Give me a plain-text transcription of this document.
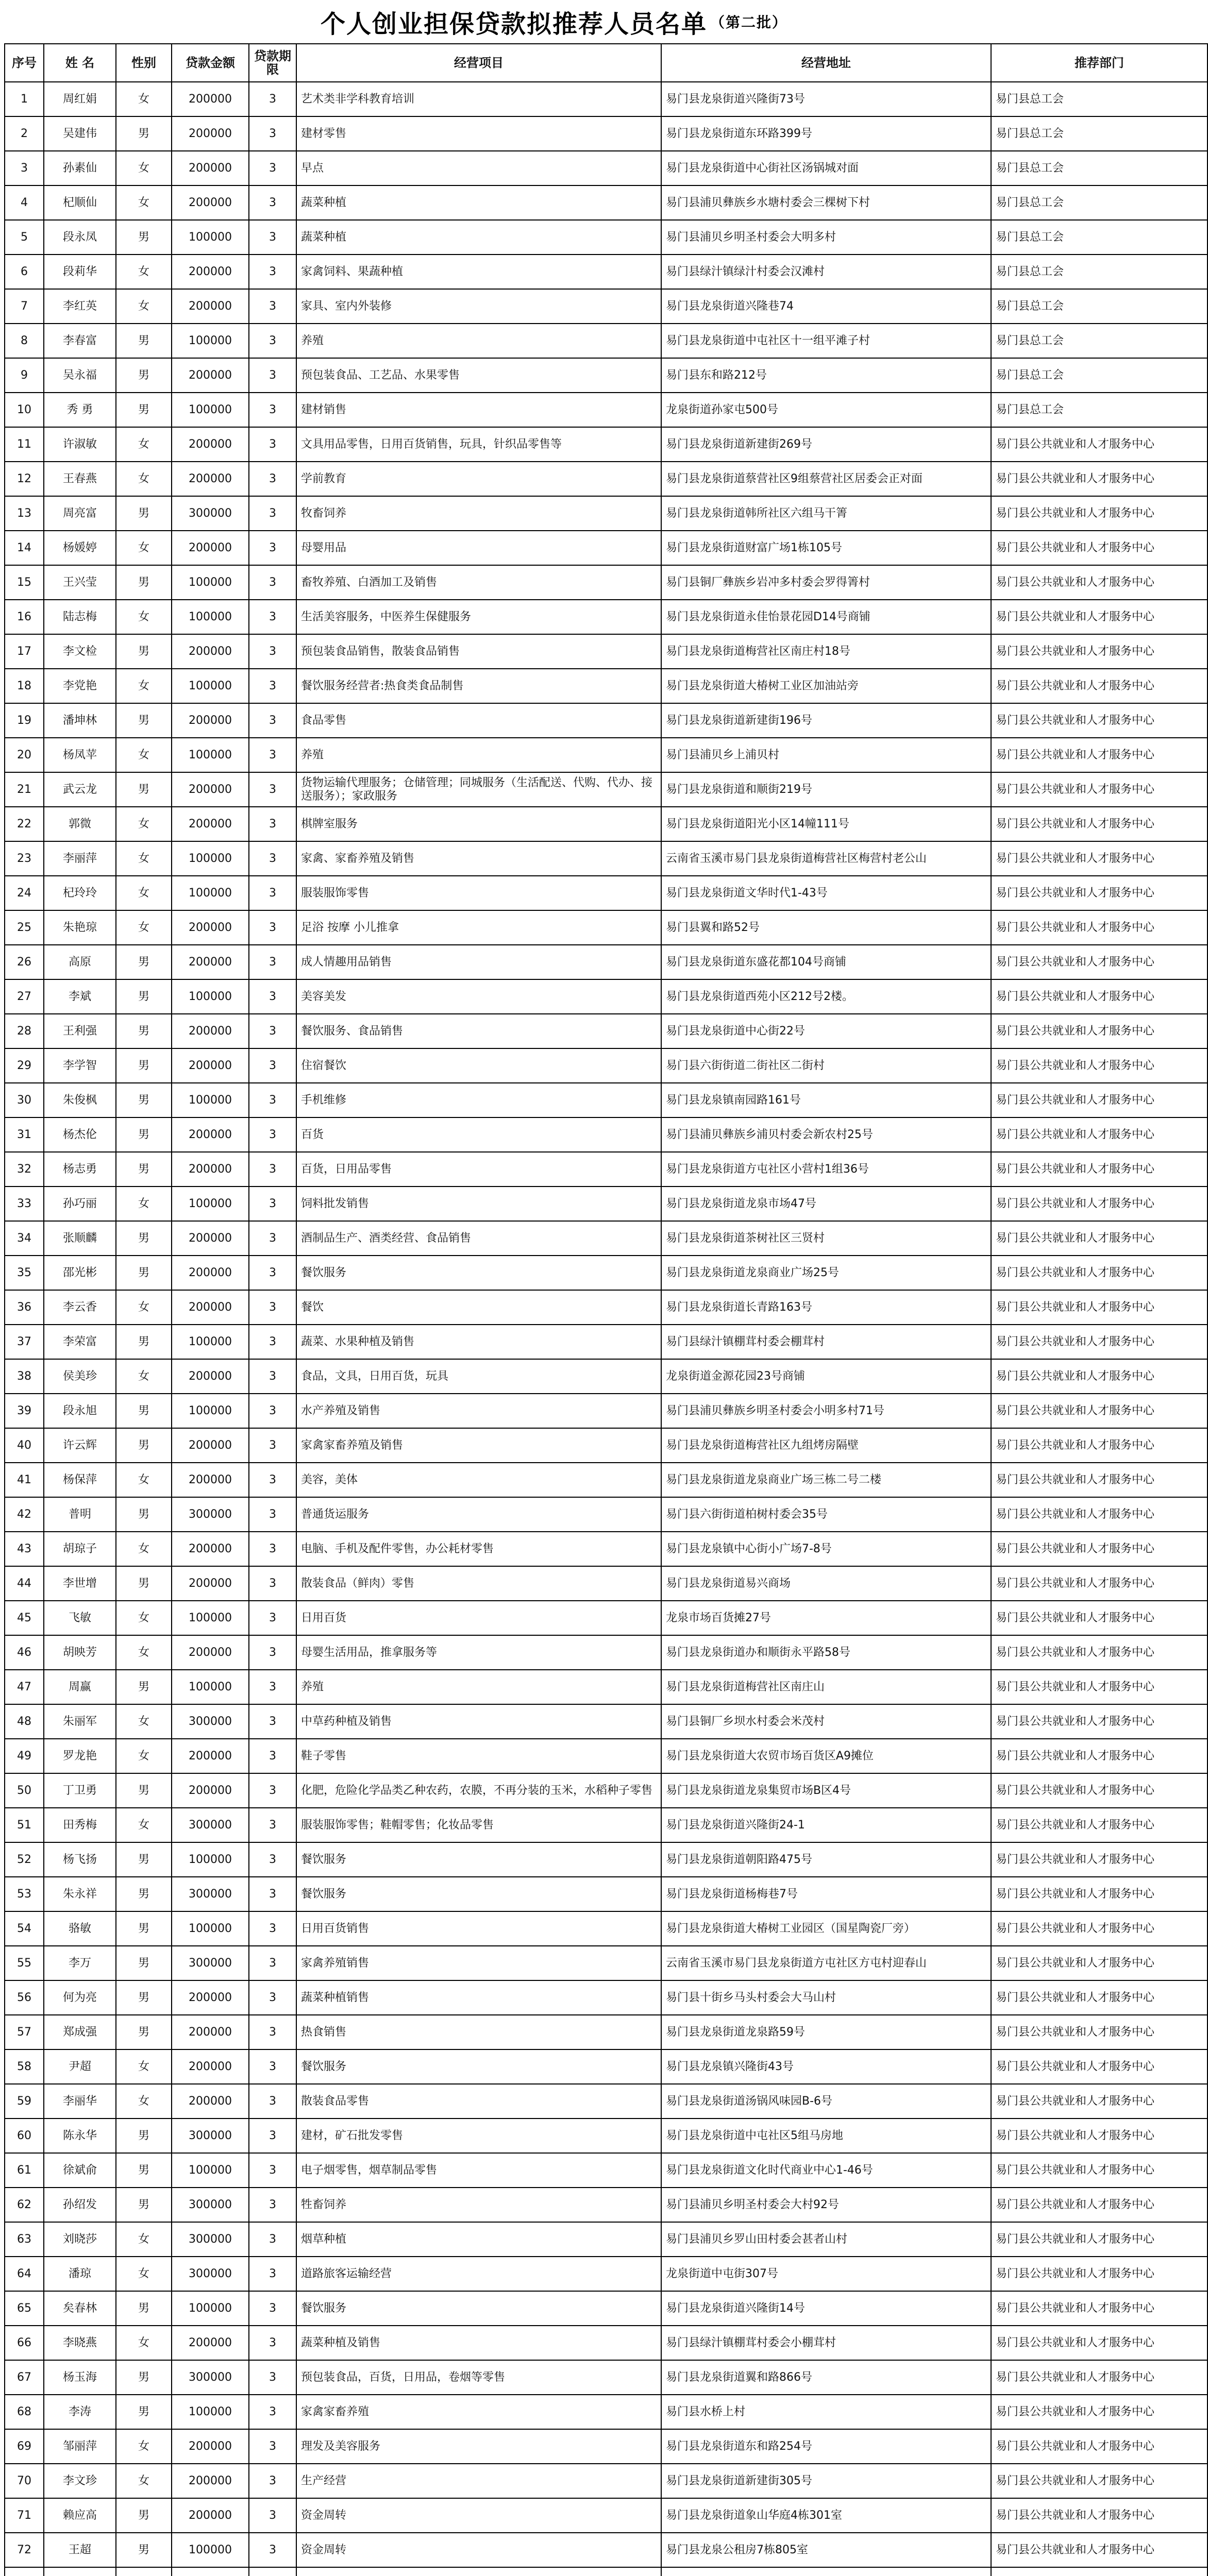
个人创业担保贷款拟推荐人员名单 （第二批）
序号	姓 名	性别	贷款金额	贷款期限	经营项目	经营地址	推荐部门
1	周红娟	女	200000	3	艺术类非学科教育培训	易门县龙泉街道兴隆街73号	易门县总工会
2	吴建伟	男	200000	3	建材零售	易门县龙泉街道东环路399号	易门县总工会
3	孙素仙	女	200000	3	早点	易门县龙泉街道中心街社区汤锅城对面	易门县总工会
4	杞顺仙	女	200000	3	蔬菜种植	易门县浦贝彝族乡水塘村委会三棵树下村	易门县总工会
5	段永凤	男	100000	3	蔬菜种植	易门县浦贝乡明圣村委会大明多村	易门县总工会
6	段莉华	女	200000	3	家禽饲料、果蔬种植	易门县绿汁镇绿汁村委会汉滩村	易门县总工会
7	李红英	女	200000	3	家具、室内外装修	易门县龙泉街道兴隆巷74	易门县总工会
8	李春富	男	100000	3	养殖	易门县龙泉街道中屯社区十一组平滩子村	易门县总工会
9	吴永福	男	200000	3	预包装食品、工艺品、水果零售	易门县东和路212号	易门县总工会
10	秀 勇	男	100000	3	建材销售	龙泉街道孙家屯500号	易门县总工会
11	许淑敏	女	200000	3	文具用品零售，日用百货销售，玩具，针织品零售等	易门县龙泉街道新建街269号	易门县公共就业和人才服务中心
12	王春燕	女	200000	3	学前教育	易门县龙泉街道蔡营社区9组蔡营社区居委会正对面	易门县公共就业和人才服务中心
13	周亮富	男	300000	3	牧畜饲养	易门县龙泉街道韩所社区六组马干箐	易门县公共就业和人才服务中心
14	杨媛婷	女	200000	3	母婴用品	易门县龙泉街道财富广场1栋105号	易门县公共就业和人才服务中心
15	王兴莹	男	100000	3	畜牧养殖、白酒加工及销售	易门县铜厂彝族乡岩冲多村委会罗得箐村	易门县公共就业和人才服务中心
16	陆志梅	女	100000	3	生活美容服务，中医养生保健服务	易门县龙泉街道永佳怡景花园D14号商铺	易门县公共就业和人才服务中心
17	李文检	男	200000	3	预包装食品销售，散装食品销售	易门县龙泉街道梅营社区南庄村18号	易门县公共就业和人才服务中心
18	李党艳	女	100000	3	餐饮服务经营者:热食类食品制售	易门县龙泉街道大椿树工业区加油站旁	易门县公共就业和人才服务中心
19	潘坤林	男	200000	3	食品零售	易门县龙泉街道新建街196号	易门县公共就业和人才服务中心
20	杨凤苹	女	100000	3	养殖	易门县浦贝乡上浦贝村	易门县公共就业和人才服务中心
21	武云龙	男	200000	3	货物运输代理服务；仓储管理；同城服务（生活配送、代购、代办、接送服务）；家政服务	易门县龙泉街道和顺街219号	易门县公共就业和人才服务中心
22	郭微	女	200000	3	棋牌室服务	易门县龙泉街道阳光小区14幢111号	易门县公共就业和人才服务中心
23	李丽萍	女	100000	3	家禽、家畜养殖及销售	云南省玉溪市易门县龙泉街道梅营社区梅营村老公山	易门县公共就业和人才服务中心
24	杞玲玲	女	100000	3	服装服饰零售	易门县龙泉街道文华时代1-43号	易门县公共就业和人才服务中心
25	朱艳琼	女	200000	3	足浴 按摩 小儿推拿	易门县翼和路52号	易门县公共就业和人才服务中心
26	高原	男	200000	3	成人情趣用品销售	易门县龙泉街道东盛花都104号商铺	易门县公共就业和人才服务中心
27	李斌	男	100000	3	美容美发	易门县龙泉街道西苑小区212号2楼。	易门县公共就业和人才服务中心
28	王利强	男	200000	3	餐饮服务、食品销售	易门县龙泉街道中心街22号	易门县公共就业和人才服务中心
29	李学智	男	200000	3	住宿餐饮	易门县六街街道二街社区二街村	易门县公共就业和人才服务中心
30	朱俊枫	男	100000	3	手机维修	易门县龙泉镇南园路161号	易门县公共就业和人才服务中心
31	杨杰伦	男	200000	3	百货	易门县浦贝彝族乡浦贝村委会新农村25号	易门县公共就业和人才服务中心
32	杨志勇	男	200000	3	百货，日用品零售	易门县龙泉街道方屯社区小营村1组36号	易门县公共就业和人才服务中心
33	孙巧丽	女	100000	3	饲料批发销售	易门县龙泉街道龙泉市场47号	易门县公共就业和人才服务中心
34	张顺麟	男	200000	3	酒制品生产、酒类经营、食品销售	易门县龙泉街道茶树社区三贤村	易门县公共就业和人才服务中心
35	邵光彬	男	200000	3	餐饮服务	易门县龙泉街道龙泉商业广场25号	易门县公共就业和人才服务中心
36	李云香	女	200000	3	餐饮	易门县龙泉街道长青路163号	易门县公共就业和人才服务中心
37	李荣富	男	100000	3	蔬菜、水果种植及销售	易门县绿汁镇棚茸村委会棚茸村	易门县公共就业和人才服务中心
38	侯美珍	女	200000	3	食品，文具，日用百货，玩具	龙泉街道金源花园23号商铺	易门县公共就业和人才服务中心
39	段永旭	男	100000	3	水产养殖及销售	易门县浦贝彝族乡明圣村委会小明多村71号	易门县公共就业和人才服务中心
40	许云辉	男	200000	3	家禽家畜养殖及销售	易门县龙泉街道梅营社区九组烤房隔壁	易门县公共就业和人才服务中心
41	杨保萍	女	200000	3	美容，美体	易门县龙泉街道龙泉商业广场三栋二号二楼	易门县公共就业和人才服务中心
42	普明	男	300000	3	普通货运服务	易门县六街街道柏树村委会35号	易门县公共就业和人才服务中心
43	胡琼子	女	200000	3	电脑、手机及配件零售，办公耗材零售	易门县龙泉镇中心街小广场7-8号	易门县公共就业和人才服务中心
44	李世增	男	200000	3	散装食品（鲜肉）零售	易门县龙泉街道易兴商场	易门县公共就业和人才服务中心
45	飞敏	女	100000	3	日用百货	龙泉市场百货摊27号	易门县公共就业和人才服务中心
46	胡映芳	女	200000	3	母婴生活用品，推拿服务等	易门县龙泉街道办和顺街永平路58号	易门县公共就业和人才服务中心
47	周赢	男	100000	3	养殖	易门县龙泉街道梅营社区南庄山	易门县公共就业和人才服务中心
48	朱丽军	女	300000	3	中草药种植及销售	易门县铜厂乡坝水村委会米茂村	易门县公共就业和人才服务中心
49	罗龙艳	女	200000	3	鞋子零售	易门县龙泉街道大农贸市场百货区A9摊位	易门县公共就业和人才服务中心
50	丁卫勇	男	200000	3	化肥，危险化学品类乙种农药，农膜，不再分装的玉米，水稻种子零售	易门县龙泉街道龙泉集贸市场B区4号	易门县公共就业和人才服务中心
51	田秀梅	女	300000	3	服装服饰零售；鞋帽零售；化妆品零售	易门县龙泉街道兴隆街24-1	易门县公共就业和人才服务中心
52	杨飞扬	男	100000	3	餐饮服务	易门县龙泉街道朝阳路475号	易门县公共就业和人才服务中心
53	朱永祥	男	300000	3	餐饮服务	易门县龙泉街道杨梅巷7号	易门县公共就业和人才服务中心
54	骆敏	男	100000	3	日用百货销售	易门县龙泉街道大椿树工业园区（国星陶瓷厂旁）	易门县公共就业和人才服务中心
55	李万	男	300000	3	家禽养殖销售	云南省玉溪市易门县龙泉街道方屯社区方屯村迎春山	易门县公共就业和人才服务中心
56	何为亮	男	200000	3	蔬菜种植销售	易门县十街乡马头村委会大马山村	易门县公共就业和人才服务中心
57	郑成强	男	200000	3	热食销售	易门县龙泉街道龙泉路59号	易门县公共就业和人才服务中心
58	尹超	女	200000	3	餐饮服务	易门县龙泉镇兴隆街43号	易门县公共就业和人才服务中心
59	李丽华	女	200000	3	散装食品零售	易门县龙泉街道汤锅风味园B-6号	易门县公共就业和人才服务中心
60	陈永华	男	300000	3	建材，矿石批发零售	易门县龙泉街道中屯社区5组马房地	易门县公共就业和人才服务中心
61	徐斌俞	男	100000	3	电子烟零售，烟草制品零售	易门县龙泉街道文化时代商业中心1-46号	易门县公共就业和人才服务中心
62	孙绍发	男	300000	3	牲畜饲养	易门县浦贝乡明圣村委会大村92号	易门县公共就业和人才服务中心
63	刘晓莎	女	300000	3	烟草种植	易门县浦贝乡罗山田村委会甚者山村	易门县公共就业和人才服务中心
64	潘琼	女	300000	3	道路旅客运输经营	龙泉街道中屯街307号	易门县公共就业和人才服务中心
65	矣春林	男	100000	3	餐饮服务	易门县龙泉街道兴隆街14号	易门县公共就业和人才服务中心
66	李晓燕	女	200000	3	蔬菜种植及销售	易门县绿汁镇棚茸村委会小棚茸村	易门县公共就业和人才服务中心
67	杨玉海	男	300000	3	预包装食品，百货，日用品，卷烟等零售	易门县龙泉街道翼和路866号	易门县公共就业和人才服务中心
68	李涛	男	100000	3	家禽家畜养殖	易门县水桥上村	易门县公共就业和人才服务中心
69	邹丽萍	女	200000	3	理发及美容服务	易门县龙泉街道东和路254号	易门县公共就业和人才服务中心
70	李文珍	女	200000	3	生产经营	易门县龙泉街道新建街305号	易门县公共就业和人才服务中心
71	赖应高	男	200000	3	资金周转	易门县龙泉街道象山华庭4栋301室	易门县公共就业和人才服务中心
72	王超	男	100000	3	资金周转	易门县龙泉公租房7栋805室	易门县公共就业和人才服务中心
